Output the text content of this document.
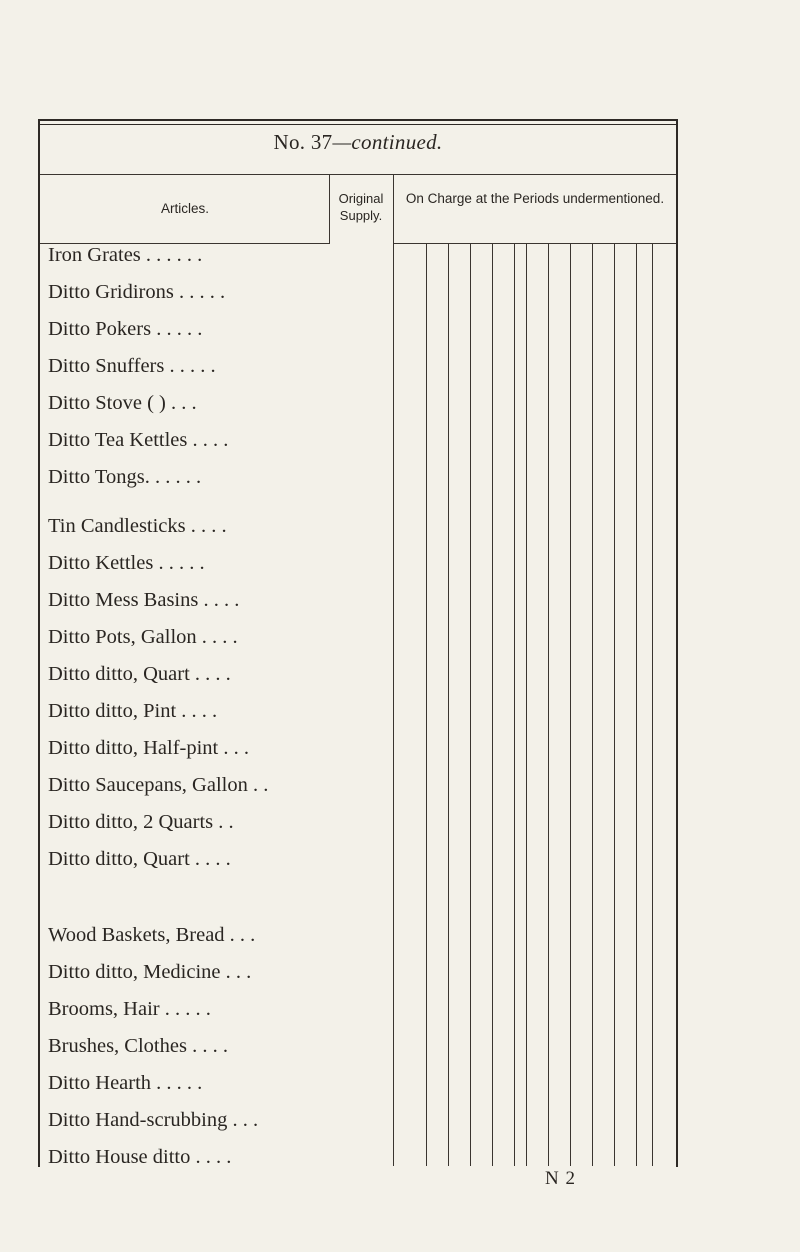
No. 37—continued.
Articles.
Original Supply.
On Charge at the Periods undermentioned.
Iron Grates . . . . . .
Ditto Gridirons . . . . .
Ditto Pokers . . . . .
Ditto Snuffers . . . . .
Ditto Stove ( ) . . .
Ditto Tea Kettles . . . .
Ditto Tongs. . . . . .
Tin Candlesticks . . . .
Ditto Kettles . . . . .
Ditto Mess Basins . . . .
Ditto Pots, Gallon . . . .
Ditto ditto, Quart . . . .
Ditto ditto, Pint . . . .
Ditto ditto, Half-pint . . .
Ditto Saucepans, Gallon . .
Ditto ditto, 2 Quarts . .
Ditto ditto, Quart . . . .
Wood Baskets, Bread . . .
Ditto ditto, Medicine . . .
Brooms, Hair . . . . .
Brushes, Clothes . . . .
Ditto Hearth . . . . .
Ditto Hand-scrubbing . . .
Ditto House ditto . . . .
N 2
